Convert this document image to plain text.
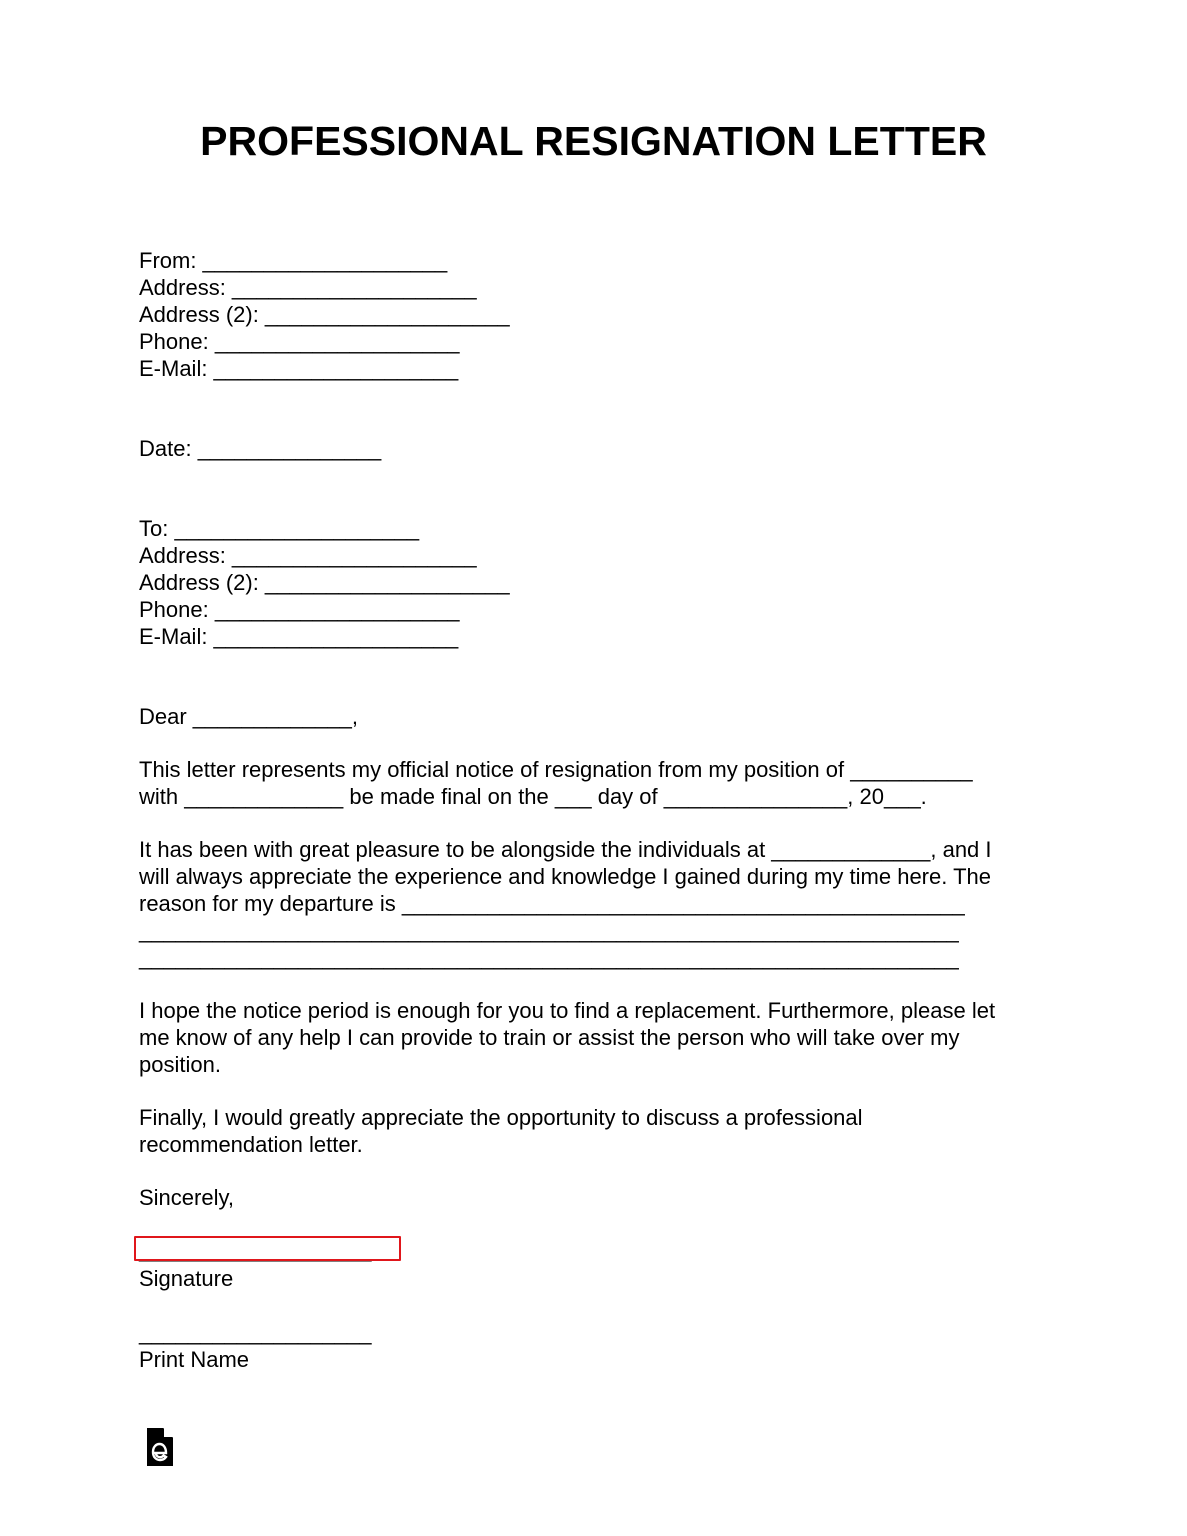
PROFESSIONAL RESIGNATION LETTER
From: ____________________
Address: ____________________
Address (2): ____________________
Phone: ____________________
E-Mail: ____________________
Date: _______________
To: ____________________
Address: ____________________
Address (2): ____________________
Phone: ____________________
E-Mail: ____________________
Dear _____________,
This letter represents my official notice of resignation from my position of __________
with _____________ be made final on the ___ day of _______________, 20___.
It has been with great pleasure to be alongside the individuals at _____________, and I
will always appreciate the experience and knowledge I gained during my time here. The
reason for my departure is ______________________________________________
___________________________________________________________________
___________________________________________________________________
I hope the notice period is enough for you to find a replacement. Furthermore, please let
me know of any help I can provide to train or assist the person who will take over my
position.
Finally, I would greatly appreciate the opportunity to discuss a professional
recommendation letter.
Sincerely,
___________________
Signature
___________________
Print Name
